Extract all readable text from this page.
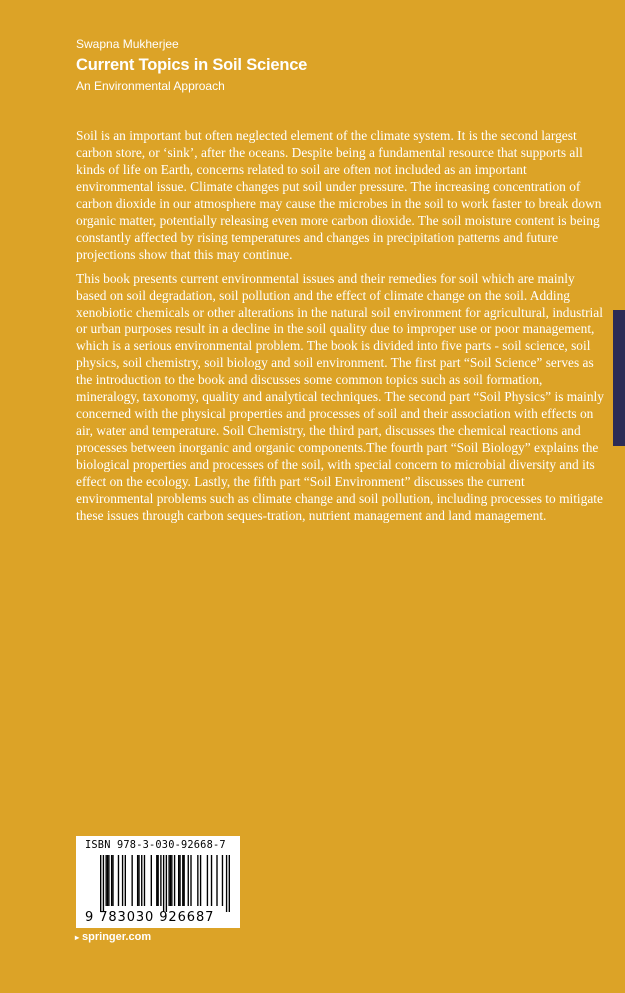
Swapna Mukherjee
Current Topics in Soil Science
An Environmental Approach

Soil is an important but often neglected element of the climate system. It is the second largest carbon store, or ‘sink’, after the oceans. Despite being a fundamental resource that supports all kinds of life on Earth, concerns related to soil are often not included as an important environmental issue. Climate changes put soil under pressure. The increasing concentration of carbon dioxide in our atmosphere may cause the microbes in the soil to work faster to break down organic matter, potentially releasing even more carbon dioxide. The soil moisture content is being constantly affected by rising temperatures and changes in precipitation patterns and future projections show that this may continue.

This book presents current environmental issues and their remedies for soil which are mainly based on soil degradation, soil pollution and the effect of climate change on the soil. Adding xenobiotic chemicals or other alterations in the natural soil environment for agricultural, industrial or urban purposes result in a decline in the soil quality due to improper use or poor management, which is a serious environmental problem. The book is divided into five parts - soil science, soil physics, soil chemistry, soil biology and soil environment. The first part “Soil Science” serves as the introduction to the book and discusses some common topics such as soil formation, mineralogy, taxonomy, quality and analytical techniques. The second part “Soil Physics” is mainly concerned with the physical properties and processes of soil and their association with effects on air, water and temperature. Soil Chemistry, the third part, discusses the chemical reactions and processes between inorganic and organic components.The fourth part “Soil Biology” explains the biological properties and processes of the soil, with special concern to microbial diversity and its effect on the ecology. Lastly, the fifth part “Soil Environment” discusses the current environmental problems such as climate change and soil pollution, including processes to mitigate these issues through carbon seques-tration, nutrient management and land management.

ISBN 978-3-030-92668-7
9 783030 926687
▸ springer.com
